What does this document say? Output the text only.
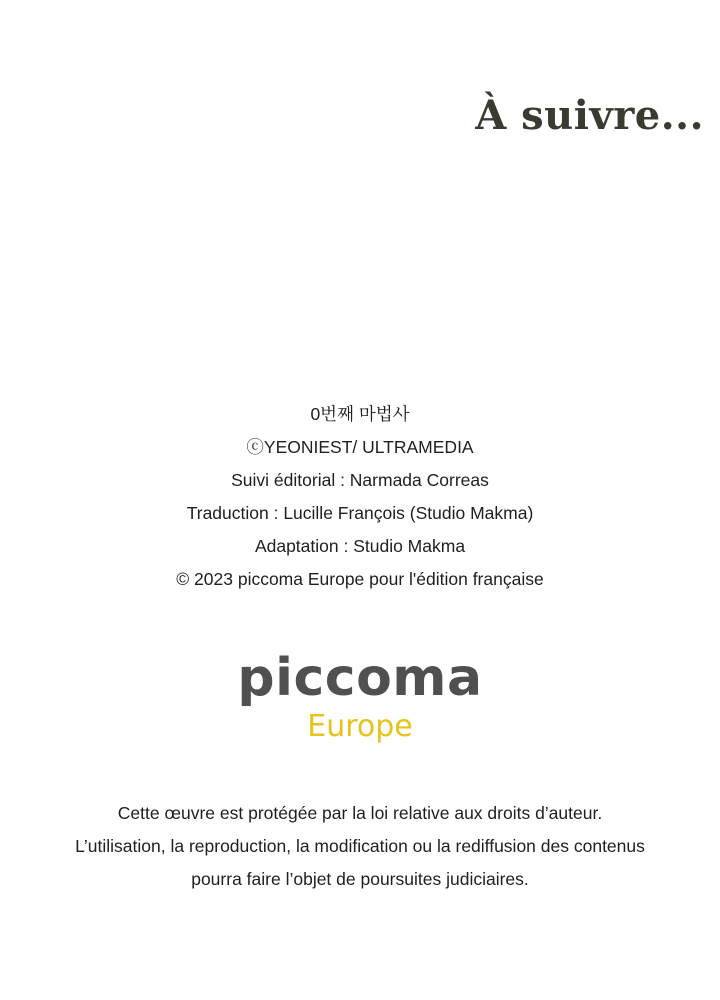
À suivre...
0번째 마법사
ⓒYEONIEST/ ULTRAMEDIA
Suivi éditorial : Narmada Correas
Traduction : Lucille François (Studio Makma)
Adaptation : Studio Makma
© 2023 piccoma Europe pour l'édition française
piccoma
Europe
Cette œuvre est protégée par la loi relative aux droits d’auteur.
L’utilisation, la reproduction, la modification ou la rediffusion des contenus
pourra faire l’objet de poursuites judiciaires.
